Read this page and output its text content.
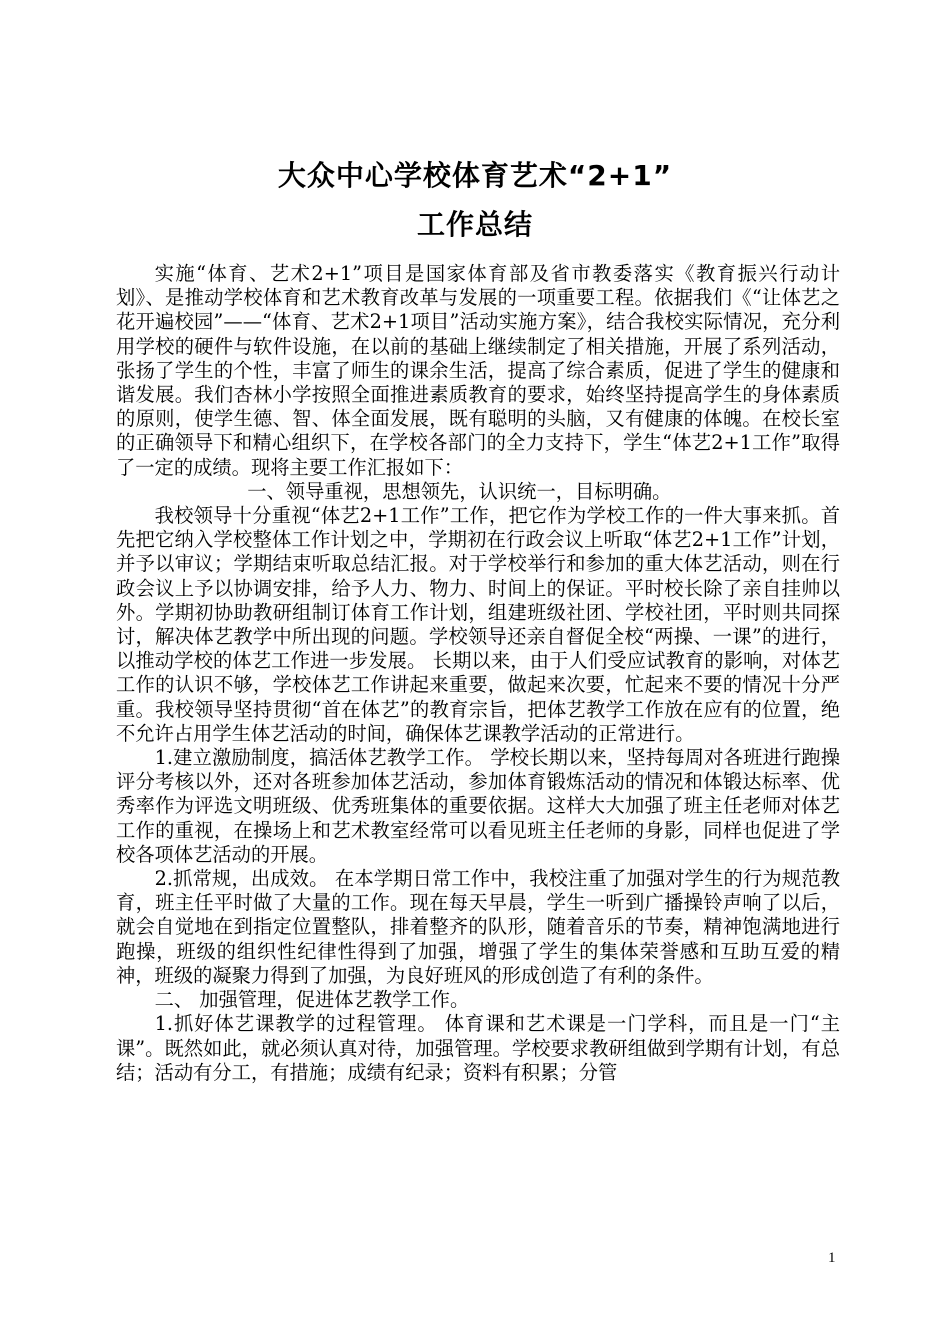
大众中心学校体育艺术“2+1”
工作总结

实施“体育、艺术2+1”项目是国家体育部及省市教委落实《教育振兴行动计划》、是推动学校体育和艺术教育改革与发展的一项重要工程。依据我们《“让体艺之花开遍校园”——“体育、艺术2+1项目”活动实施方案》，结合我校实际情况，充分利用学校的硬件与软件设施，在以前的基础上继续制定了相关措施，开展了系列活动，张扬了学生的个性，丰富了师生的课余生活，提高了综合素质，促进了学生的健康和谐发展。我们杏林小学按照全面推进素质教育的要求，始终坚持提高学生的身体素质的原则，使学生德、智、体全面发展，既有聪明的头脑，又有健康的体魄。在校长室的正确领导下和精心组织下，在学校各部门的全力支持下，学生“体艺2+1工作”取得了一定的成绩。现将主要工作汇报如下：

一、领导重视，思想领先，认识统一，目标明确。

我校领导十分重视“体艺2+1工作”工作，把它作为学校工作的一件大事来抓。首先把它纳入学校整体工作计划之中，学期初在行政会议上听取“体艺2+1工作”计划，并予以审议；学期结束听取总结汇报。对于学校举行和参加的重大体艺活动，则在行政会议上予以协调安排，给予人力、物力、时间上的保证。平时校长除了亲自挂帅以外。学期初协助教研组制订体育工作计划，组建班级社团、学校社团，平时则共同探讨，解决体艺教学中所出现的问题。学校领导还亲自督促全校“两操、一课”的进行，以推动学校的体艺工作进一步发展。 长期以来，由于人们受应试教育的影响，对体艺工作的认识不够，学校体艺工作讲起来重要，做起来次要，忙起来不要的情况十分严重。我校领导坚持贯彻“首在体艺”的教育宗旨，把体艺教学工作放在应有的位置，绝不允许占用学生体艺活动的时间，确保体艺课教学活动的正常进行。

1.建立激励制度，搞活体艺教学工作。 学校长期以来，坚持每周对各班进行跑操评分考核以外，还对各班参加体艺活动，参加体育锻炼活动的情况和体锻达标率、优秀率作为评选文明班级、优秀班集体的重要依据。这样大大加强了班主任老师对体艺工作的重视，在操场上和艺术教室经常可以看见班主任老师的身影，同样也促进了学校各项体艺活动的开展。

2.抓常规，出成效。 在本学期日常工作中，我校注重了加强对学生的行为规范教育，班主任平时做了大量的工作。现在每天早晨，学生一听到广播操铃声响了以后，就会自觉地在到指定位置整队，排着整齐的队形，随着音乐的节奏，精神饱满地进行跑操，班级的组织性纪律性得到了加强，增强了学生的集体荣誉感和互助互爱的精神，班级的凝聚力得到了加强，为良好班风的形成创造了有利的条件。

二、 加强管理，促进体艺教学工作。

1.抓好体艺课教学的过程管理。 体育课和艺术课是一门学科，而且是一门“主课”。既然如此，就必须认真对待，加强管理。学校要求教研组做到学期有计划，有总结；活动有分工，有措施；成绩有纪录；资料有积累；分管

1
